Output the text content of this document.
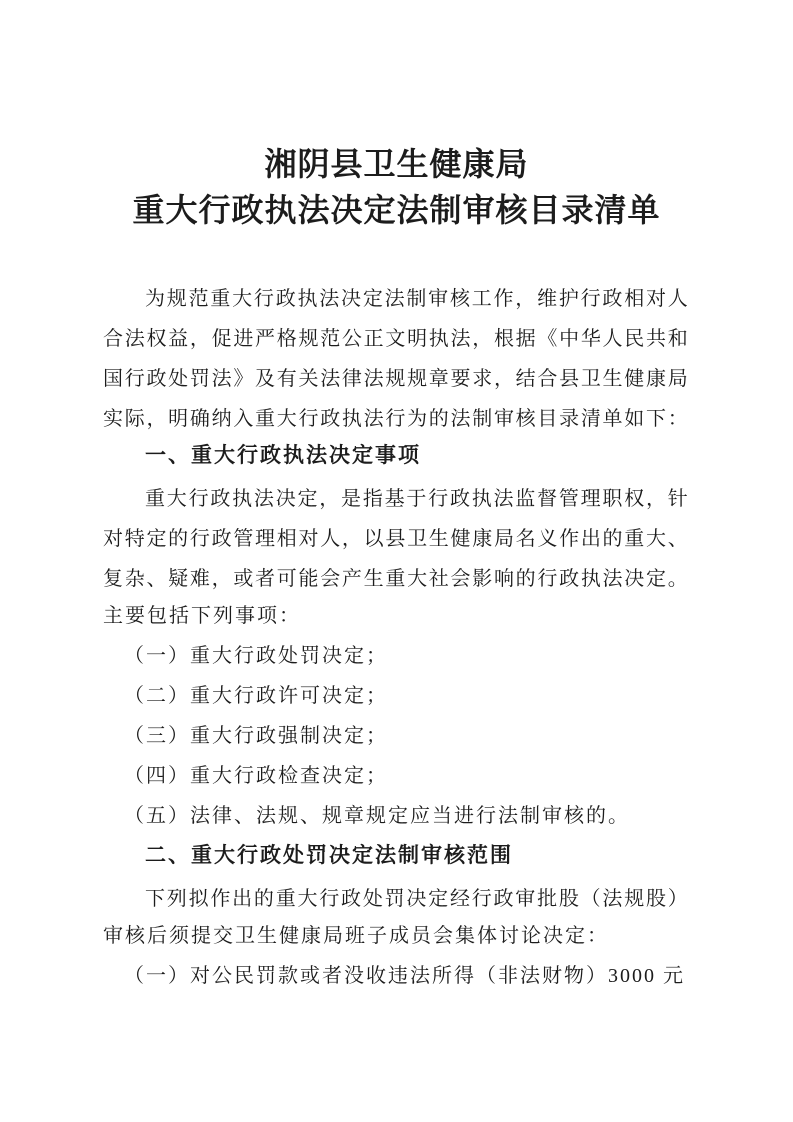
湘阴县卫生健康局
重大行政执法决定法制审核目录清单
为 规 范 重 大 行 政 执 法 决 定 法 制 审 核 工 作 ， 维 护 行 政 相 对 人
合 法 权 益 ， 促 进 严 格 规 范 公 正 文 明 执 法 ， 根 据 《 中 华 人 民 共 和
国 行 政 处 罚 法 》 及 有 关 法 律 法 规 规 章 要 求 ， 结 合 县 卫 生 健 康 局
实 际 ， 明 确 纳 入 重 大 行 政 执 法 行 为 的 法 制 审 核 目 录 清 单 如 下 ：
一、重大行政执法决定事项
重 大 行 政 执 法 决 定 ， 是 指 基 于 行 政 执 法 监 督 管 理 职 权 ， 针
对 特 定 的 行 政 管 理 相 对 人 ， 以 县 卫 生 健 康 局 名 义 作 出 的 重 大 、
复 杂 、 疑 难 ， 或 者 可 能 会 产 生 重 大 社 会 影 响 的 行 政 执 法 决 定 。
主要包括下列事项：
（一）重大行政处罚决定；
（二）重大行政许可决定；
（三）重大行政强制决定；
（四）重大行政检查决定；
（五）法律、法规、规章规定应当进行法制审核的。
二、重大行政处罚决定法制审核范围
下 列 拟 作 出 的 重 大 行 政 处 罚 决 定 经 行 政 审 批 股 （ 法 规 股 ）
审核后须提交卫生健康局班子成员会集体讨论决定：
（一）对公民罚款或者没收违法所得（非法财物）3000 元
